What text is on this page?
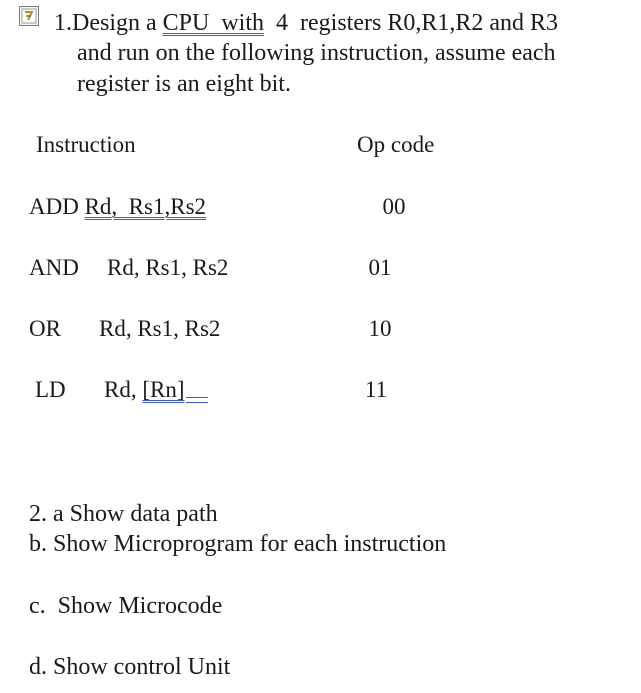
1.Design a CPU  with  4  registers R0,R1,R2 and R3
and run on the following instruction, assume each
register is an eight bit.
Instruction	Op code
ADD Rd,  Rs1,Rs2	00
AND Rd, Rs1, Rs2	01
OR Rd, Rs1, Rs2	10
LD Rd, [Rn]	11
2. a Show data path
b. Show Microprogram for each instruction
c.  Show Microcode
d. Show control Unit
